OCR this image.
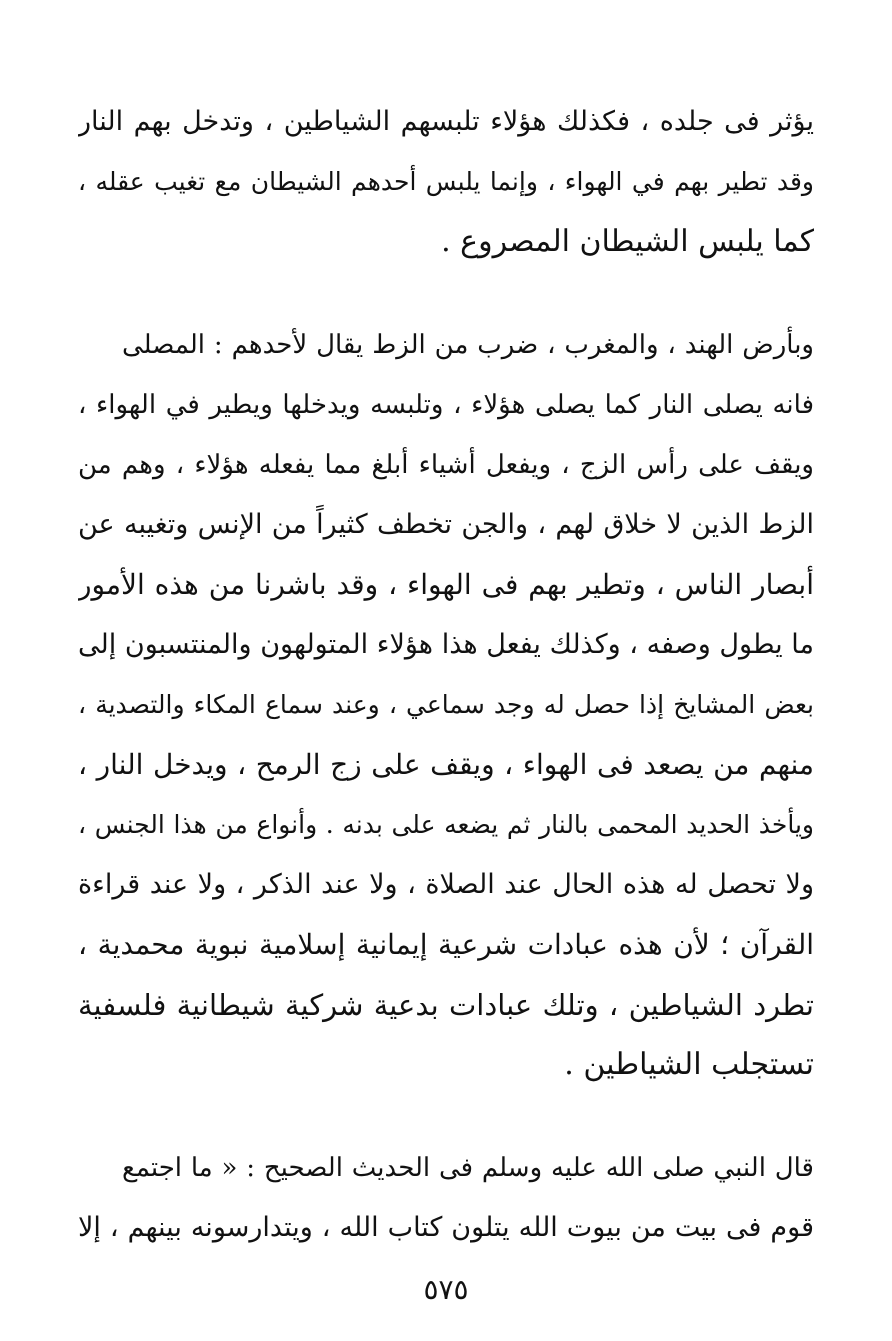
يؤثر فى جلده ، فكذلك هؤلاء تلبسهم الشياطين ، وتدخل بهم النار
وقد تطير بهم في الهواء ، وإنما يلبس أحدهم الشيطان مع تغيب عقله ،
كما يلبس الشيطان المصروع .
وبأرض الهند ، والمغرب ، ضرب من الزط يقال لأحدهم : المصلى
فانه يصلى النار كما يصلى هؤلاء ، وتلبسه ويدخلها ويطير في الهواء ،
ويقف على رأس الزج ، ويفعل أشياء أبلغ مما يفعله هؤلاء ، وهم من
الزط الذين لا خلاق لهم ، والجن تخطف كثيراً من الإنس وتغيبه عن
أبصار الناس ، وتطير بهم فى الهواء ، وقد باشرنا من هذه الأمور
ما يطول وصفه ، وكذلك يفعل هذا هؤلاء المتولهون والمنتسبون إلى
بعض المشايخ إذا حصل له وجد سماعي ، وعند سماع المكاء والتصدية ،
منهم من يصعد فى الهواء ، ويقف على زج الرمح ، ويدخل النار ،
ويأخذ الحديد المحمى بالنار ثم يضعه على بدنه . وأنواع من هذا الجنس ،
ولا تحصل له هذه الحال عند الصلاة ، ولا عند الذكر ، ولا عند قراءة
القرآن ؛ لأن هذه عبادات شرعية إيمانية إسلامية نبوية محمدية ،
تطرد الشياطين ، وتلك عبادات بدعية شركية شيطانية فلسفية
تستجلب الشياطين .
قال النبي صلى الله عليه وسلم فى الحديث الصحيح : « ما اجتمع
قوم فى بيت من بيوت الله يتلون كتاب الله ، ويتدارسونه بينهم ، إلا
٥٧٥
